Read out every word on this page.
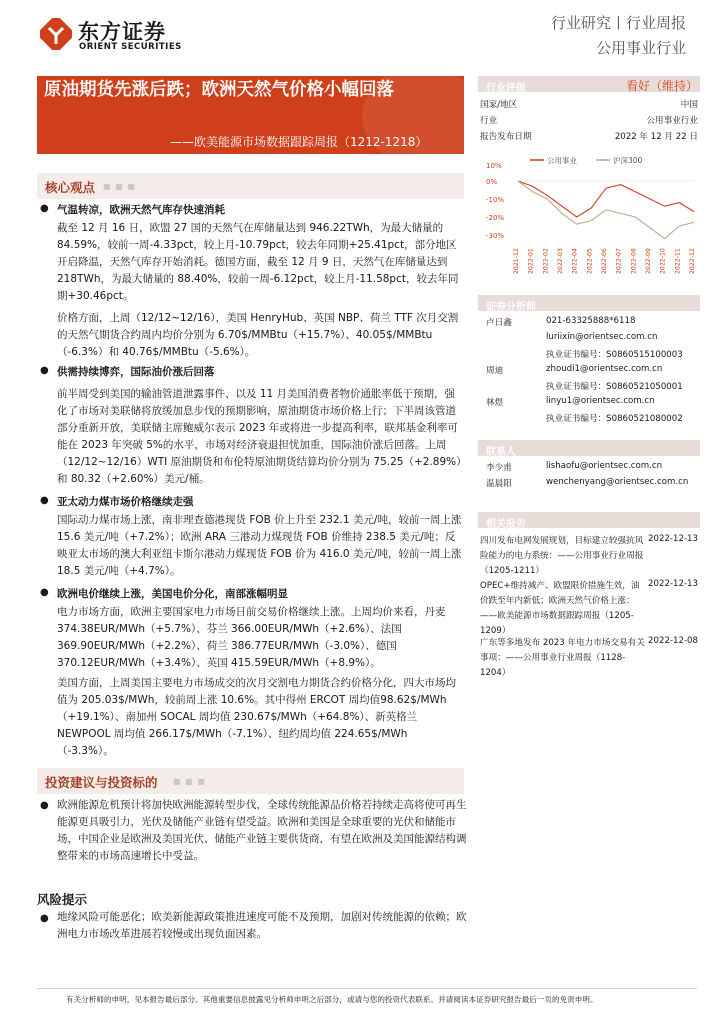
东方证券
ORIENT SECURITIES
行业研究丨行业周报
公用事业行业
原油期货先涨后跌；欧洲天然气价格小幅回落
——欧美能源市场数据跟踪周报（1212-1218）
核心观点 ■ ■ ■
● 气温转凉，欧洲天然气库存快速消耗
截至 12 月 16 日，欧盟 27 国的天然气在库储量达到 946.22TWh，为最大储量的84.59%，较前一周-4.33pct，较上月-10.79pct，较去年同期+25.41pct，部分地区开启降温，天然气库存开始消耗。德国方面，截至 12 月 9 日，天然气在库储量达到218TWh，为最大储量的 88.40%，较前一周-6.12pct，较上月-11.58pct，较去年同期+30.46pct。
价格方面，上周（12/12~12/16），美国 HenryHub、英国 NBP、荷兰 TTF 次月交割的天然气期货合约周内均价分别为 6.70$/MMBtu（+15.7%）、40.05$/MMBtu（-6.3%）和 40.76$/MMBtu（-5.6%）。
● 供需持续博弈，国际油价涨后回落
前半周受到美国的输油管道泄露事件、以及 11 月美国消费者物价通胀率低于预期，强化了市场对美联储将放缓加息步伐的预期影响，原油期货市场价格上行；下半周该管道部分重新开放，美联储主席鲍威尔表示 2023 年或将进一步提高利率，联邦基金利率可能在 2023 年突破 5%的水平，市场对经济衰退担忧加重，国际油价涨后回落。上周（12/12~12/16）WTI 原油期货和布伦特原油期货结算均价分别为 75.25（+2.89%）和 80.32（+2.60%）美元/桶。
● 亚太动力煤市场价格继续走强
国际动力煤市场上涨，南非理查德港现货 FOB 价上升至 232.1 美元/吨，较前一周上涨 15.6 美元/吨（+7.2%）；欧洲 ARA 三港动力煤现货 FOB 价维持 238.5 美元/吨；反映亚太市场的澳大利亚纽卡斯尔港动力煤现货 FOB 价为 416.0 美元/吨，较前一周上涨 18.5 美元/吨（+4.7%）。
● 欧洲电价继续上涨，美国电价分化，南部涨幅明显
电力市场方面，欧洲主要国家电力市场日前交易价格继续上涨。上周均价来看，丹麦 374.38EUR/MWh（+5.7%）、芬兰 366.00EUR/MWh（+2.6%）、法国 369.90EUR/MWh（+2.2%）、荷兰 386.77EUR/MWh（-3.0%）、德国 370.12EUR/MWh（+3.4%）、英国 415.59EUR/MWh（+8.9%）。
美国方面，上周美国主要电力市场成交的次月交割电力期货合约价格分化，四大市场均值为 205.03$/MWh，较前周上涨 10.6%。其中得州 ERCOT 周均值98.62$/MWh（+19.1%）、南加州 SOCAL 周均值 230.67$/MWh（+64.8%）、新英格兰 NEWPOOL 周均值 266.17$/MWh（-7.1%）、纽约周均值 224.65$/MWh（-3.3%）。
投资建议与投资标的 ■ ■ ■
● 欧洲能源危机预计将加快欧洲能源转型步伐，全球传统能源品价格若持续走高将使可再生能源更具吸引力，光伏及储能产业链有望受益。欧洲和美国是全球重要的光伏和储能市场，中国企业是欧洲及美国光伏、储能产业链主要供货商，有望在欧洲及美国能源结构调整带来的市场高速增长中受益。
风险提示
● 地缘风险可能恶化；欧美新能源政策推进速度可能不及预期，加剧对传统能源的依赖；欧洲电力市场改革进展若较慢或出现负面因素。
行业评级	看好（维持）
国家/地区	中国
行业	公用事业行业
报告发布日期	2022 年 12 月 22 日
公用事业	沪深300
0%
-10%
-20%
-30%
10%
2021-12 2022-01 2022-02 2022-03 2022-04 2022-05 2022-06 2022-07 2022-08 2022-09 2022-10 2022-11 2022-12
证券分析师
卢日鑫	021-63325888*6118
luriixin@orientsec.com.cn
执业证书编号：S0860515100003
周迪	zhoudi1@orientsec.com.cn
执业证书编号：S0860521050001
林煜	linyu1@orientsec.com.cn
执业证书编号：S0860521080002
联系人
李少甫	lishaofu@orientsec.com.cn
温晨阳	wenchenyang@orientsec.com.cn
相关报告
四川发布电网发展规划，目标建立较强抗风险能力的电力系统：——公用事业行业周报（1205-1211）
2022-12-13
OPEC+维持减产、欧盟限价措施生效，油价跌至年内新低；欧洲天然气价格上涨：——欧美能源市场数据跟踪周报（1205-1209）
2022-12-13
广东等多地发布 2023 年电力市场交易有关事项：——公用事业行业周报（1128-1204）
2022-12-08
有关分析师的申明，见本报告最后部分。其他重要信息披露见分析师申明之后部分，或请与您的投资代表联系。并请阅读本证券研究报告最后一页的免责申明。
